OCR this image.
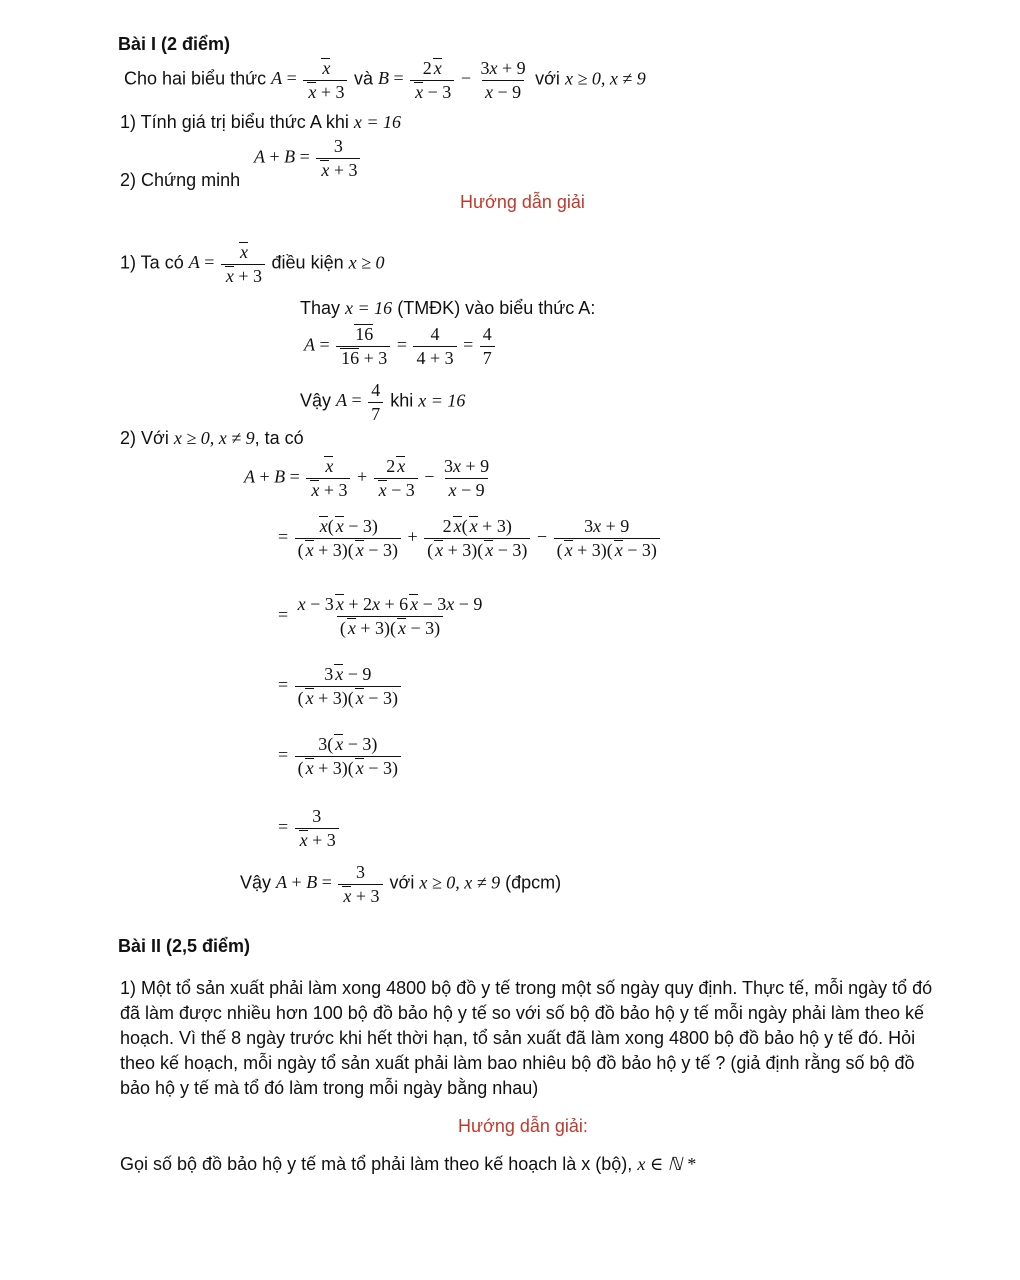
Bài I (2 điểm)
Cho hai biểu thức $A = \frac{x}{x + 3}$ và $B = \frac{2 x}{x - 3} - \frac{3x + 9}{x - 9}$ với x ≥ 0, x ≠ 9
1) Tính giá trị biểu thức A khi x = 16
2) Chứng minh
$A + B = \frac{3}{x + 3}$
Hướng dẫn giải
1) Ta có $A = \frac{x}{x + 3}$ điều kiện x ≥ 0
Thay x = 16 (TMĐK) vào biểu thức A:
$A = \frac{16}{16 + 3} = \frac{4}{4 + 3} = \frac{4}{7}$
Vậy $A = \frac{4}{7}$ khi x = 16
2) Với x ≥ 0, x ≠ 9, ta có
$A + B = \frac{x}{x + 3} + \frac{2 x}{x - 3} - \frac{3x + 9}{x - 9}$
= $\frac{x( x - 3)}{( x + 3)( x - 3)} + \frac{2 x( x + 3)}{( x + 3)( x - 3)} - \frac{3x + 9}{( x + 3)( x - 3)}$
= $\frac{x - 3 x + 2x + 6 x - 3x - 9}{( x + 3)( x - 3)}$
= $\frac{3 x - 9}{( x + 3)( x - 3)}$
= $\frac{3( x - 3)}{( x + 3)( x - 3)}$
= $\frac{3}{x + 3}$
Vậy $A + B = \frac{3}{x + 3}$ với x ≥ 0, x ≠ 9 (đpcm)
Bài II (2,5 điểm)
1) Một tổ sản xuất phải làm xong 4800 bộ đồ y tế trong một số ngày quy định. Thực tế, mỗi ngày tổ đó đã làm được nhiều hơn 100 bộ đồ bảo hộ y tế so với số bộ đồ bảo hộ y tế mỗi ngày phải làm theo kế hoạch. Vì thế 8 ngày trước khi hết thời hạn, tổ sản xuất đã làm xong 4800 bộ đồ bảo hộ y tế đó. Hỏi theo kế hoạch, mỗi ngày tổ sản xuất phải làm bao nhiêu bộ đồ bảo hộ y tế ? (giả định rằng số bộ đồ bảo hộ y tế mà tổ đó làm trong mỗi ngày bằng nhau)
Hướng dẫn giải:
Gọi số bộ đồ bảo hộ y tế mà tổ phải làm theo kế hoạch là x (bộ), x ∈ ℕ *
